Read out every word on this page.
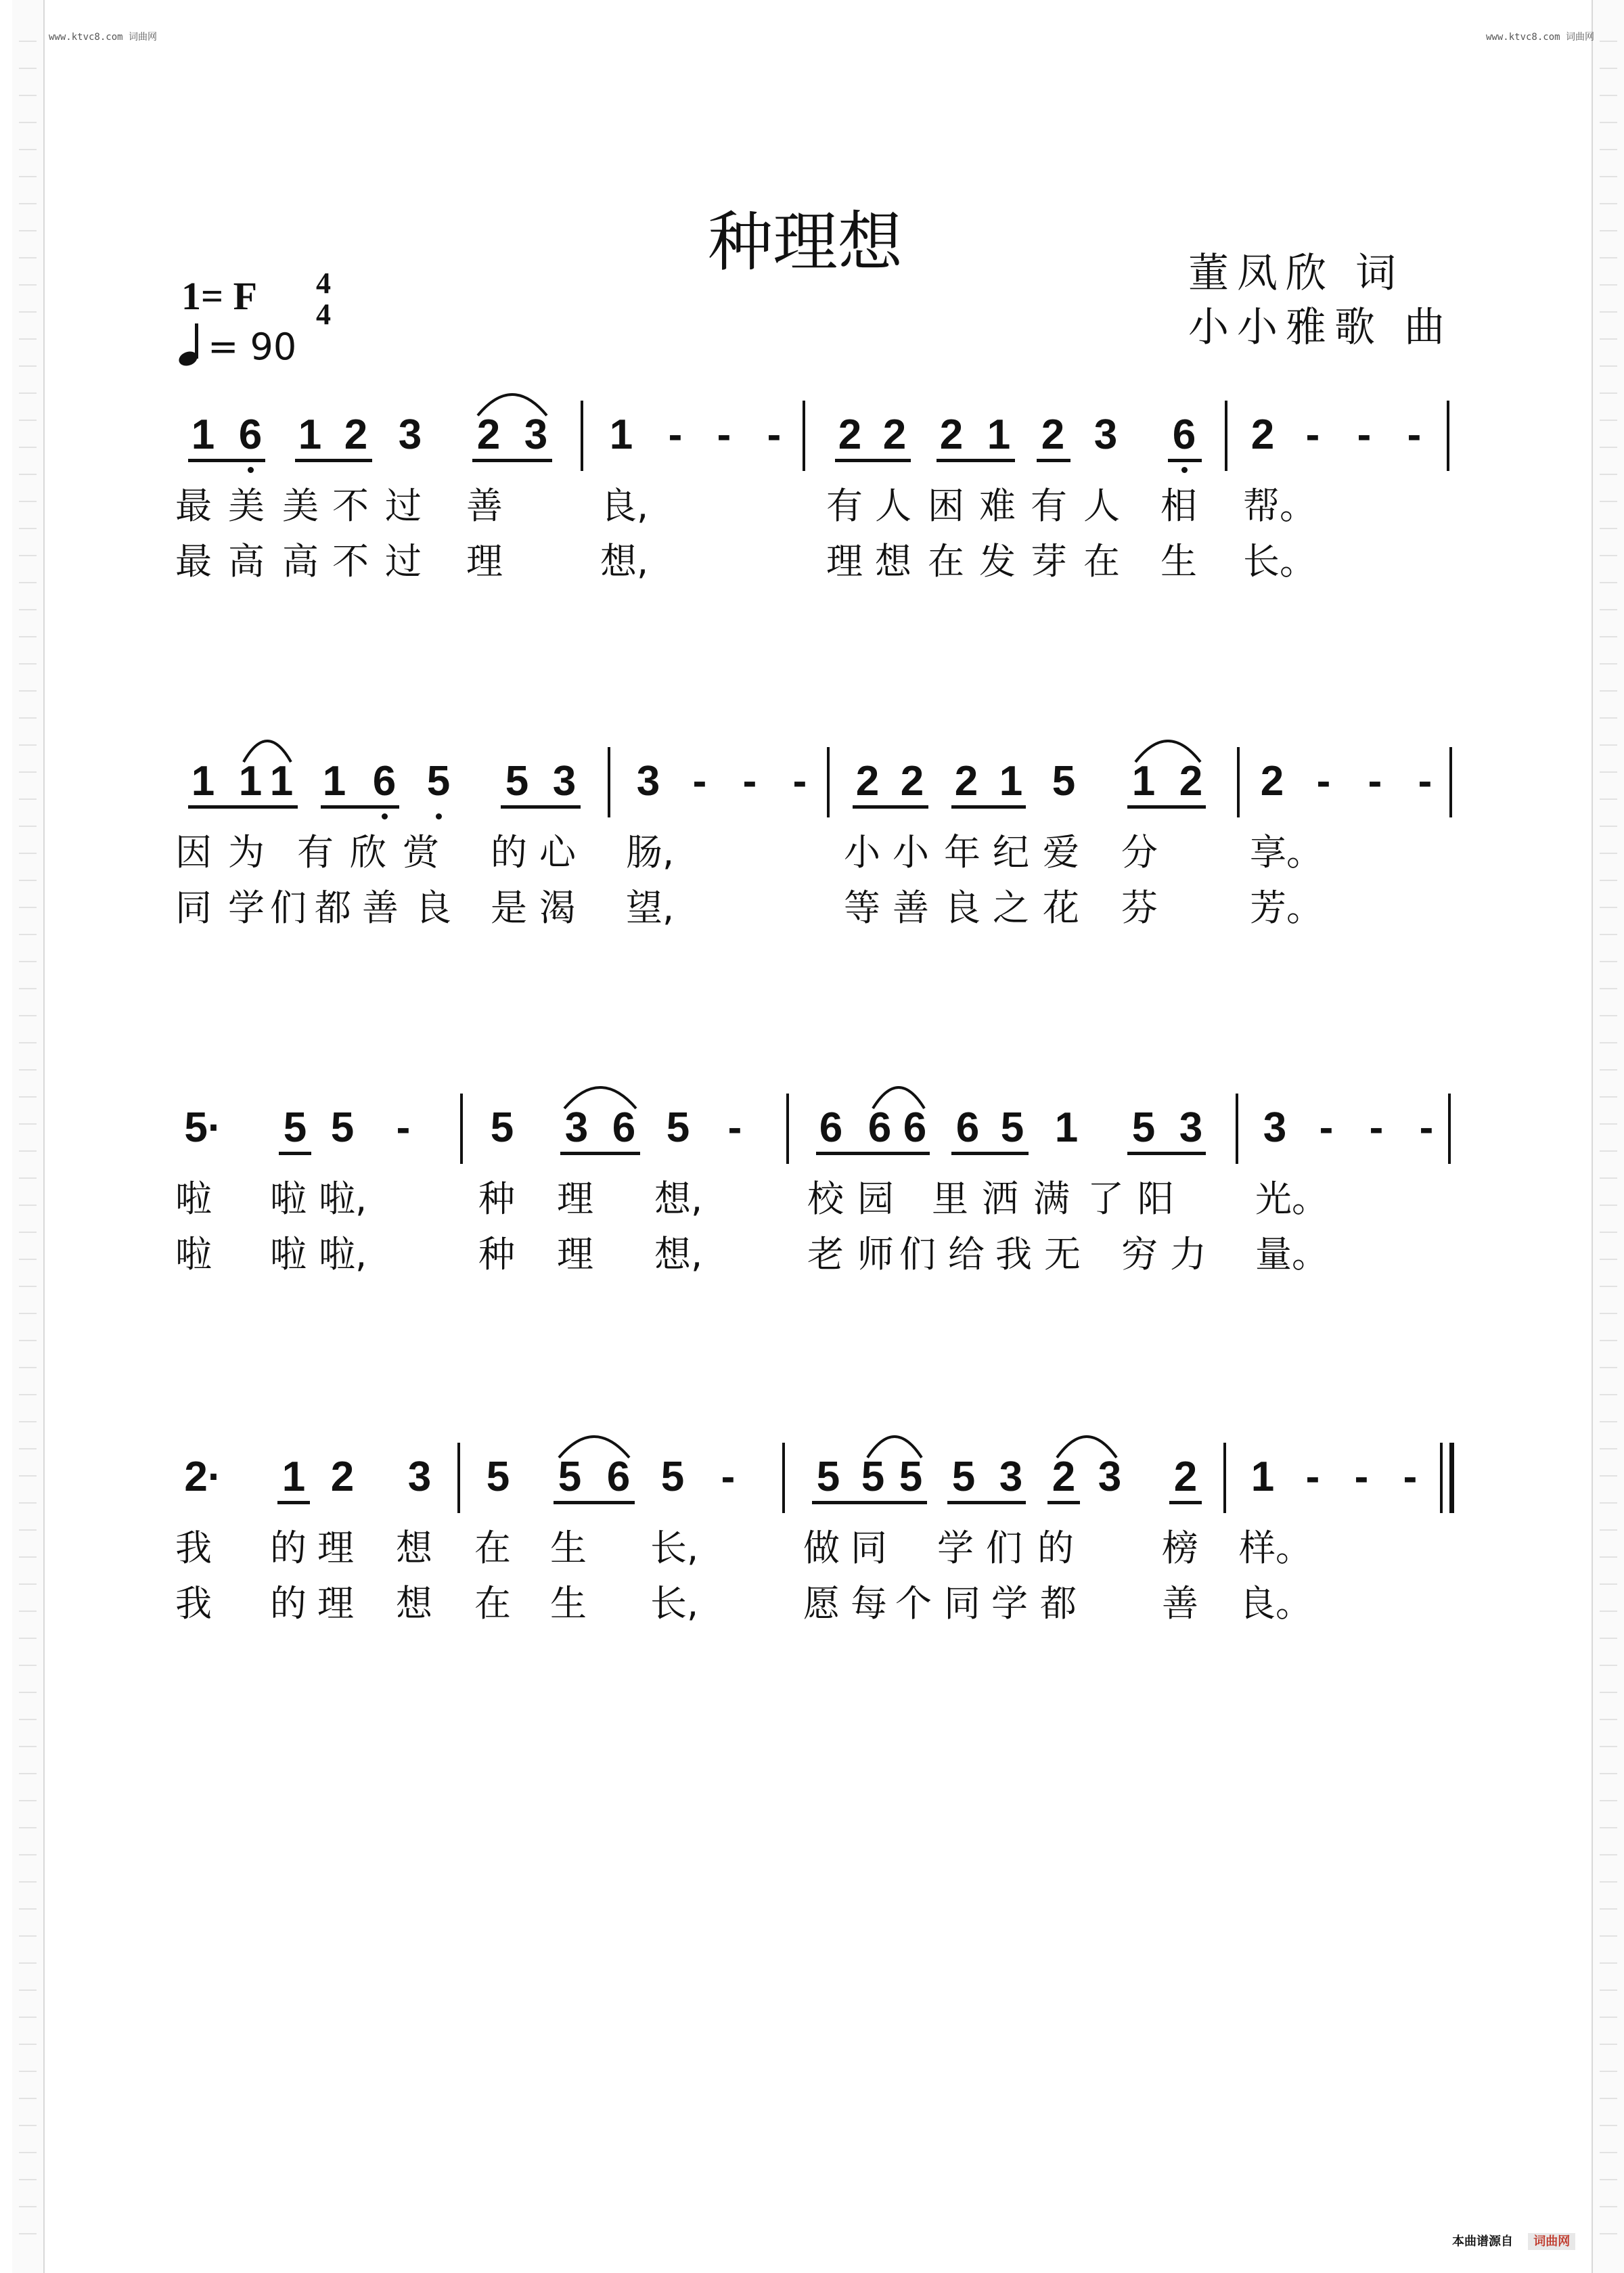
www.ktvc8.com 词曲网	www.ktvc8.com 词曲网
种理想	董凤欣 词
小小雅歌 曲
1= F 4
4
= 90
1 6 1 2 3 2 3 1 - - -	2 2 2 1 2 3 6 2 - - -
最 美 美 不 过 善	良,	有 人 困 难 有 人 相 帮。
最 高 高 不 过 理	想,	理 想 在 发 芽 在 生 长。
1 1 1 1 6 5 5 3 3 - - -	2 2 2 1 5 1 2 2 - - -
因 为 有 欣 赏 的 心 肠,	小 小 年 纪 爱 分	享。
同 学 们 都 善 良 是 渴 望,	等 善 良 之 花 芬	芳。
5· 5 5	-	5 3 6 5 -	6 6 6 6 5 1 5 3 3 - - -
啦 啦 啦,	种 理 想,	校 园 里 洒 满 了 阳 光。
啦 啦 啦,	种 理 想,	老 师 们 给 我 无 穷 力 量。
2· 1 2 3 5 5 6 5 -	5 5 5 5 3 2 3 2 1 - - -
我 的 理 想 在 生 长,	做 同 学 们 的 榜 样。
我 的 理 想 在 生 长,	愿 每 个 同 学 都 善 良。
本曲谱源自 词曲网
